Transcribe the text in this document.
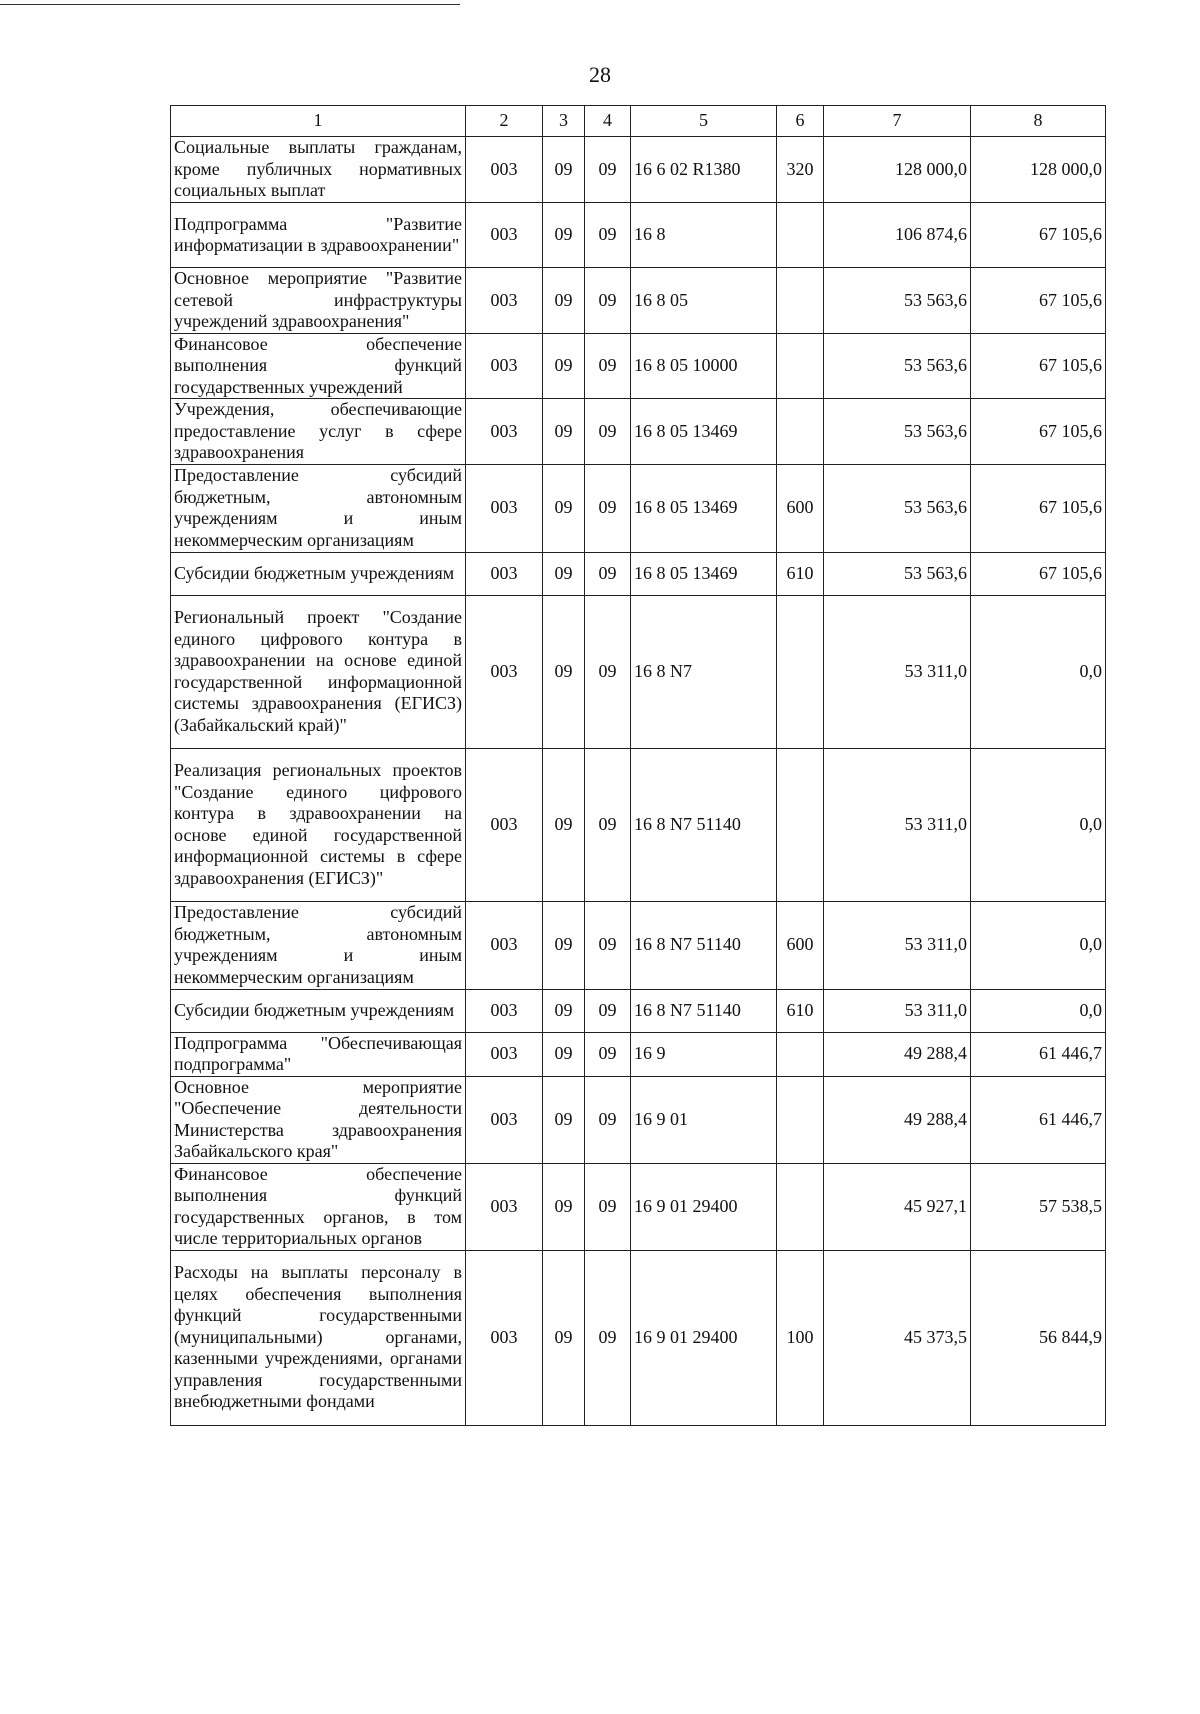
28
1	2	3	4	5	6	7	8
Социальные выплаты гражданам, кроме публичных нормативных социальных выплат	003	09	09	16 6 02 R1380	320	128 000,0	128 000,0
Подпрограмма "Развитие информатизации в здравоохранении"	003	09	09	16 8		106 874,6	67 105,6
Основное мероприятие "Развитие сетевой инфраструктуры учреждений здравоохранения"	003	09	09	16 8 05		53 563,6	67 105,6
Финансовое обеспечение выполнения функций государственных учреждений	003	09	09	16 8 05 10000		53 563,6	67 105,6
Учреждения, обеспечивающие предоставление услуг в сфере здравоохранения	003	09	09	16 8 05 13469		53 563,6	67 105,6
Предоставление субсидий бюджетным, автономным учреждениям и иным некоммерческим организациям	003	09	09	16 8 05 13469	600	53 563,6	67 105,6
Субсидии бюджетным учреждениям	003	09	09	16 8 05 13469	610	53 563,6	67 105,6
Региональный проект "Создание единого цифрового контура в здравоохранении на основе единой государственной информационной системы здравоохранения (ЕГИСЗ) (Забайкальский край)"	003	09	09	16 8 N7		53 311,0	0,0
Реализация региональных проектов "Создание единого цифрового контура в здравоохранении на основе единой государственной информационной системы в сфере здравоохранения (ЕГИСЗ)"	003	09	09	16 8 N7 51140		53 311,0	0,0
Предоставление субсидий бюджетным, автономным учреждениям и иным некоммерческим организациям	003	09	09	16 8 N7 51140	600	53 311,0	0,0
Субсидии бюджетным учреждениям	003	09	09	16 8 N7 51140	610	53 311,0	0,0
Подпрограмма "Обеспечивающая подпрограмма"	003	09	09	16 9		49 288,4	61 446,7
Основное мероприятие "Обеспечение деятельности Министерства здравоохранения Забайкальского края"	003	09	09	16 9 01		49 288,4	61 446,7
Финансовое обеспечение выполнения функций государственных органов, в том числе территориальных органов	003	09	09	16 9 01 29400		45 927,1	57 538,5
Расходы на выплаты персоналу в целях обеспечения выполнения функций государственными (муниципальными) органами, казенными учреждениями, органами управления государственными внебюджетными фондами	003	09	09	16 9 01 29400	100	45 373,5	56 844,9
